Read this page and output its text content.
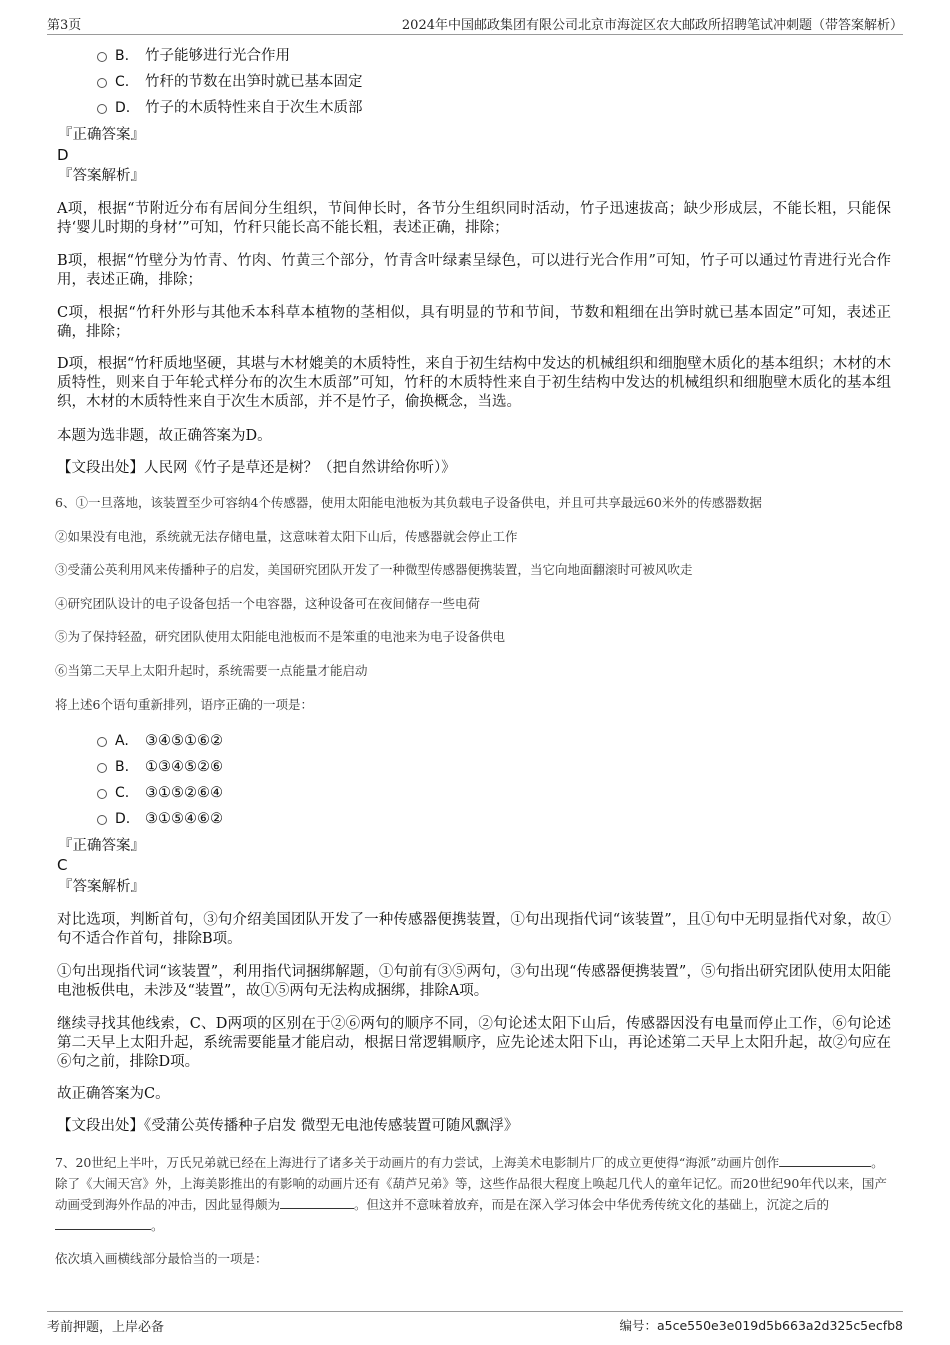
第3页	2024年中国邮政集团有限公司北京市海淀区农大邮政所招聘笔试冲刺题（带答案解析）
B. 竹子能够进行光合作用
C. 竹秆的节数在出笋时就已基本固定
D. 竹子的木质特性来自于次生木质部
『正确答案』
D
『答案解析』
A项，根据“节附近分布有居间分生组织，节间伸长时，各节分生组织同时活动，竹子迅速拔高；缺少形成层，不能长粗，只能保持‘婴儿时期的身材’”可知，竹秆只能长高不能长粗，表述正确，排除；
B项，根据“竹壁分为竹青、竹肉、竹黄三个部分，竹青含叶绿素呈绿色，可以进行光合作用”可知，竹子可以通过竹青进行光合作用，表述正确，排除；
C项，根据“竹秆外形与其他禾本科草本植物的茎相似，具有明显的节和节间，节数和粗细在出笋时就已基本固定”可知，表述正确，排除；
D项，根据“竹秆质地坚硬，其堪与木材媲美的木质特性，来自于初生结构中发达的机械组织和细胞壁木质化的基本组织；木材的木质特性，则来自于年轮式样分布的次生木质部”可知，竹秆的木质特性来自于初生结构中发达的机械组织和细胞壁木质化的基本组织，木材的木质特性来自于次生木质部，并不是竹子，偷换概念，当选。
本题为选非题，故正确答案为D。
【文段出处】人民网《竹子是草还是树？（把自然讲给你听）》
6、①一旦落地，该装置至少可容纳4个传感器，使用太阳能电池板为其负载电子设备供电，并且可共享最远60米外的传感器数据
②如果没有电池，系统就无法存储电量，这意味着太阳下山后，传感器就会停止工作
③受蒲公英利用风来传播种子的启发，美国研究团队开发了一种微型传感器便携装置，当它向地面翻滚时可被风吹走
④研究团队设计的电子设备包括一个电容器，这种设备可在夜间储存一些电荷
⑤为了保持轻盈，研究团队使用太阳能电池板而不是笨重的电池来为电子设备供电
⑥当第二天早上太阳升起时，系统需要一点能量才能启动
将上述6个语句重新排列，语序正确的一项是：
A. ③④⑤①⑥②
B. ①③④⑤②⑥
C. ③①⑤②⑥④
D. ③①⑤④⑥②
『正确答案』
C
『答案解析』
对比选项，判断首句，③句介绍美国团队开发了一种传感器便携装置，①句出现指代词“该装置”，且①句中无明显指代对象，故①句不适合作首句，排除B项。
①句出现指代词“该装置”，利用指代词捆绑解题，①句前有③⑤两句，③句出现“传感器便携装置”，⑤句指出研究团队使用太阳能电池板供电，未涉及“装置”，故①⑤两句无法构成捆绑，排除A项。
继续寻找其他线索，C、D两项的区别在于②⑥两句的顺序不同，②句论述太阳下山后，传感器因没有电量而停止工作，⑥句论述第二天早上太阳升起，系统需要能量才能启动，根据日常逻辑顺序，应先论述太阳下山，再论述第二天早上太阳升起，故②句应在⑥句之前，排除D项。
故正确答案为C。
【文段出处】《受蒲公英传播种子启发 微型无电池传感装置可随风飘浮》
7、20世纪上半叶，万氏兄弟就已经在上海进行了诸多关于动画片的有力尝试，上海美术电影制片厂的成立更使得“海派”动画片创作	。除了《大闹天宫》外，上海美影推出的有影响的动画片还有《葫芦兄弟》等，这些作品很大程度上唤起几代人的童年记忆。而20世纪90年代以来，国产动画受到海外作品的冲击，因此显得颇为	。但这并不意味着放弃，而是在深入学习体会中华优秀传统文化的基础上，沉淀之后的。
依次填入画横线部分最恰当的一项是：
考前押题，上岸必备	编号：a5ce550e3e019d5b663a2d325c5ecfb8
